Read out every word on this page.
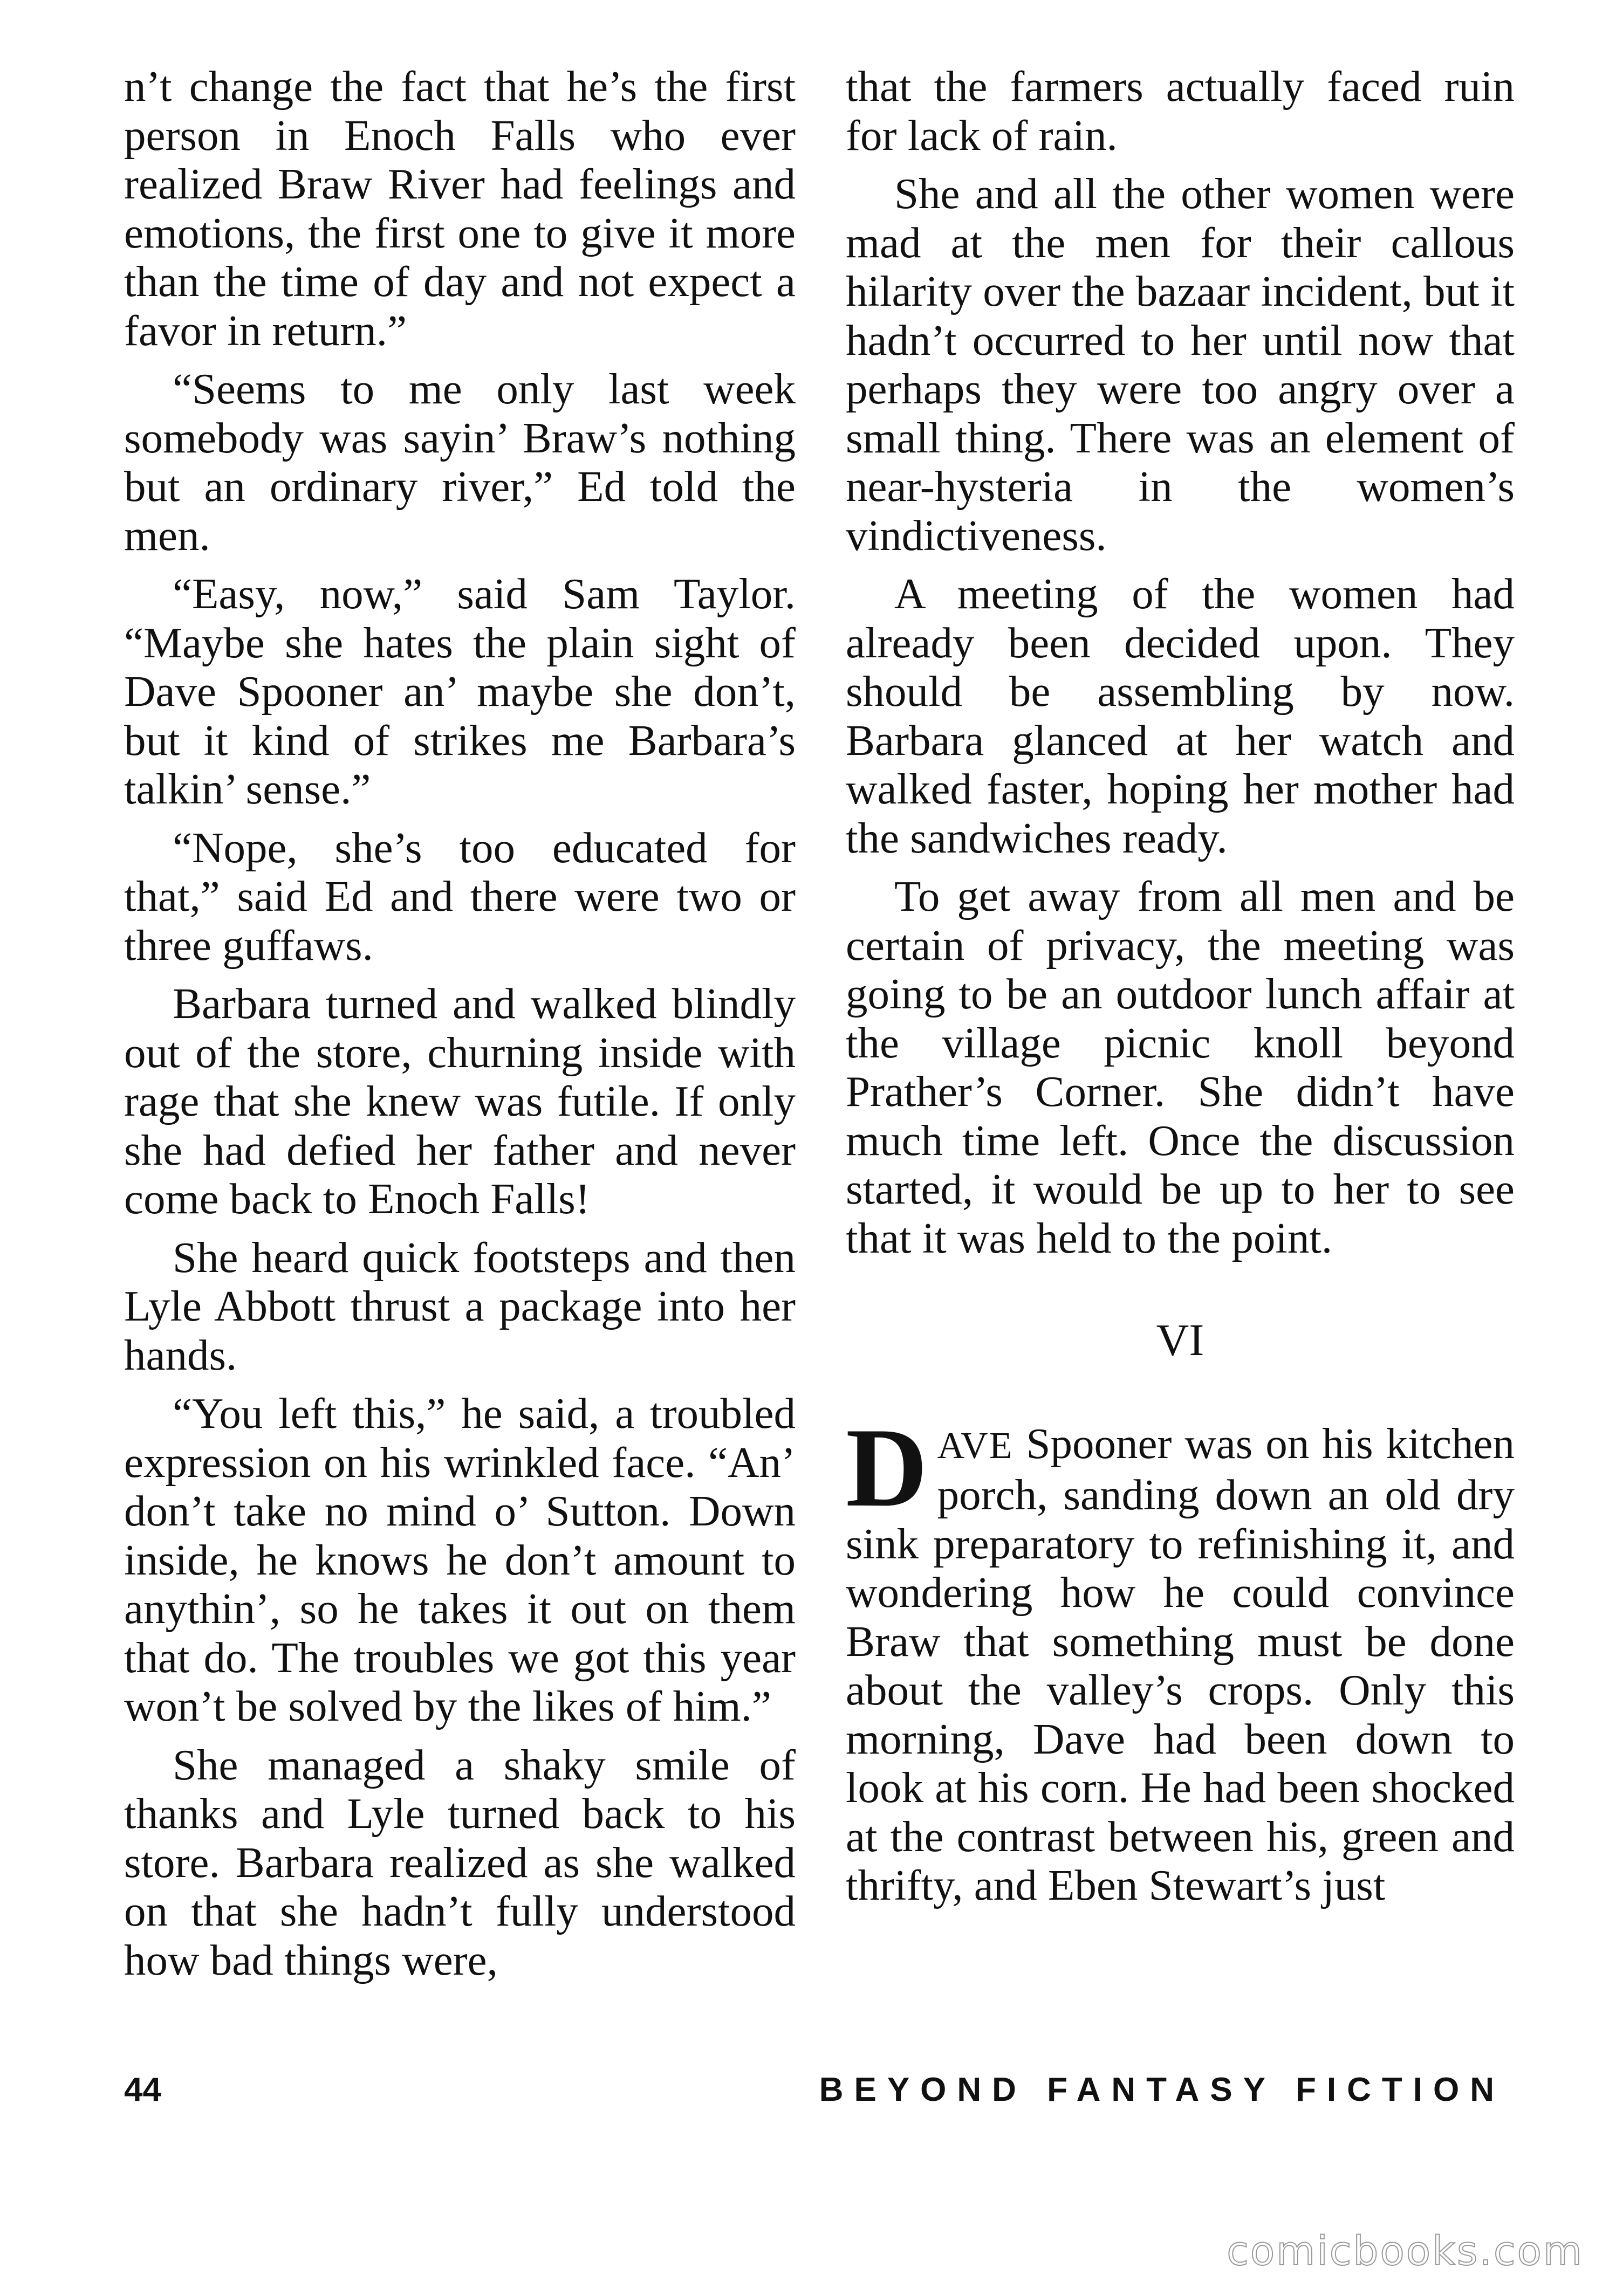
n’t change the fact that he’s the first person in Enoch Falls who ever realized Braw River had feelings and emotions, the first one to give it more than the time of day and not expect a favor in return.”

“Seems to me only last week somebody was sayin’ Braw’s nothing but an ordinary river,” Ed told the men.

“Easy, now,” said Sam Taylor. “Maybe she hates the plain sight of Dave Spooner an’ maybe she don’t, but it kind of strikes me Barbara’s talkin’ sense.”

“Nope, she’s too educated for that,” said Ed and there were two or three guffaws.

Barbara turned and walked blindly out of the store, churning inside with rage that she knew was futile. If only she had defied her father and never come back to Enoch Falls!

She heard quick footsteps and then Lyle Abbott thrust a package into her hands.

“You left this,” he said, a troubled expression on his wrinkled face. “An’ don’t take no mind o’ Sutton. Down inside, he knows he don’t amount to anythin’, so he takes it out on them that do. The troubles we got this year won’t be solved by the likes of him.”

She managed a shaky smile of thanks and Lyle turned back to his store. Barbara realized as she walked on that she hadn’t fully understood how bad things were,

that the farmers actually faced ruin for lack of rain.

She and all the other women were mad at the men for their callous hilarity over the bazaar incident, but it hadn’t occurred to her until now that perhaps they were too angry over a small thing. There was an element of near-hysteria in the women’s vindictiveness.

A meeting of the women had already been decided upon. They should be assembling by now. Barbara glanced at her watch and walked faster, hoping her mother had the sandwiches ready.

To get away from all men and be certain of privacy, the meeting was going to be an outdoor lunch affair at the village picnic knoll beyond Prather’s Corner. She didn’t have much time left. Once the discussion started, it would be up to her to see that it was held to the point.

VI

DAVE Spooner was on his kitchen porch, sanding down an old dry sink preparatory to refinishing it, and wondering how he could convince Braw that something must be done about the valley’s crops. Only this morning, Dave had been down to look at his corn. He had been shocked at the contrast between his, green and thrifty, and Eben Stewart’s just

44	BEYOND FANTASY FICTION
comicbooks.com
